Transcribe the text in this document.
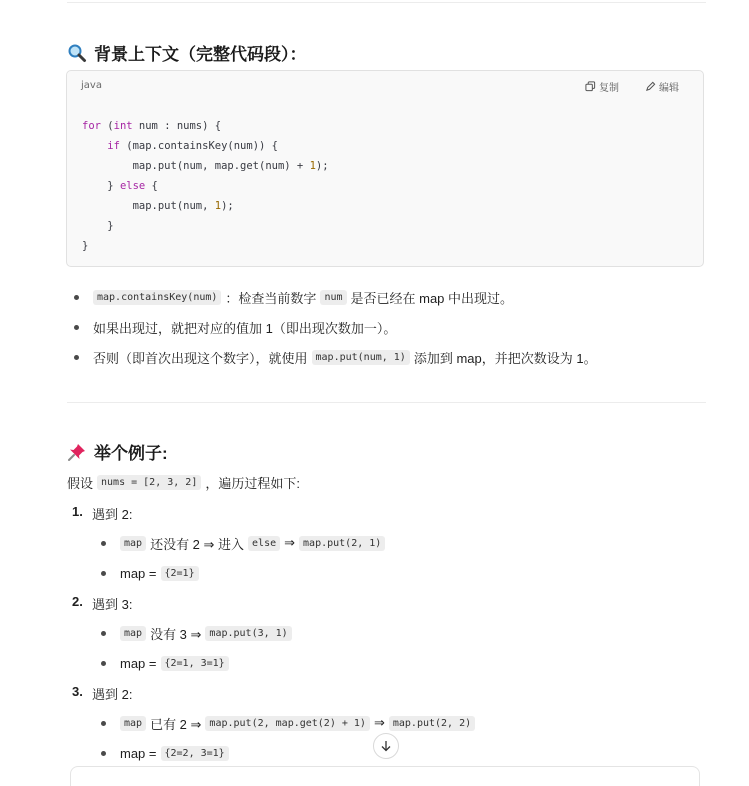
背景上下文（完整代码段）：
java	复制	编辑
for (int num : nums) {
if (map.containsKey(num)) {
map.put(num, map.get(num) + 1);
} else {
map.put(num, 1);
}
}
map.containsKey(num) ：检查当前数字 num 是否已经在 map 中出现过。
如果出现过，就把对应的值加 1（即出现次数加一）。
否则（即首次出现这个数字），就使用 map.put(num, 1) 添加到 map，并把次数设为 1。
举个例子:
假设 nums = [2, 3, 2] ，遍历过程如下:
1. 遇到 2:
map 还没有 2 ⇒ 进入 else ⇒ map.put(2, 1)
map = {2=1}
2. 遇到 3:
map 没有 3 ⇒ map.put(3, 1)
map = {2=1, 3=1}
3. 遇到 2:
map 已有 2 ⇒ map.put(2, map.get(2) + 1) ⇒ map.put(2, 2)
map = {2=2, 3=1}
